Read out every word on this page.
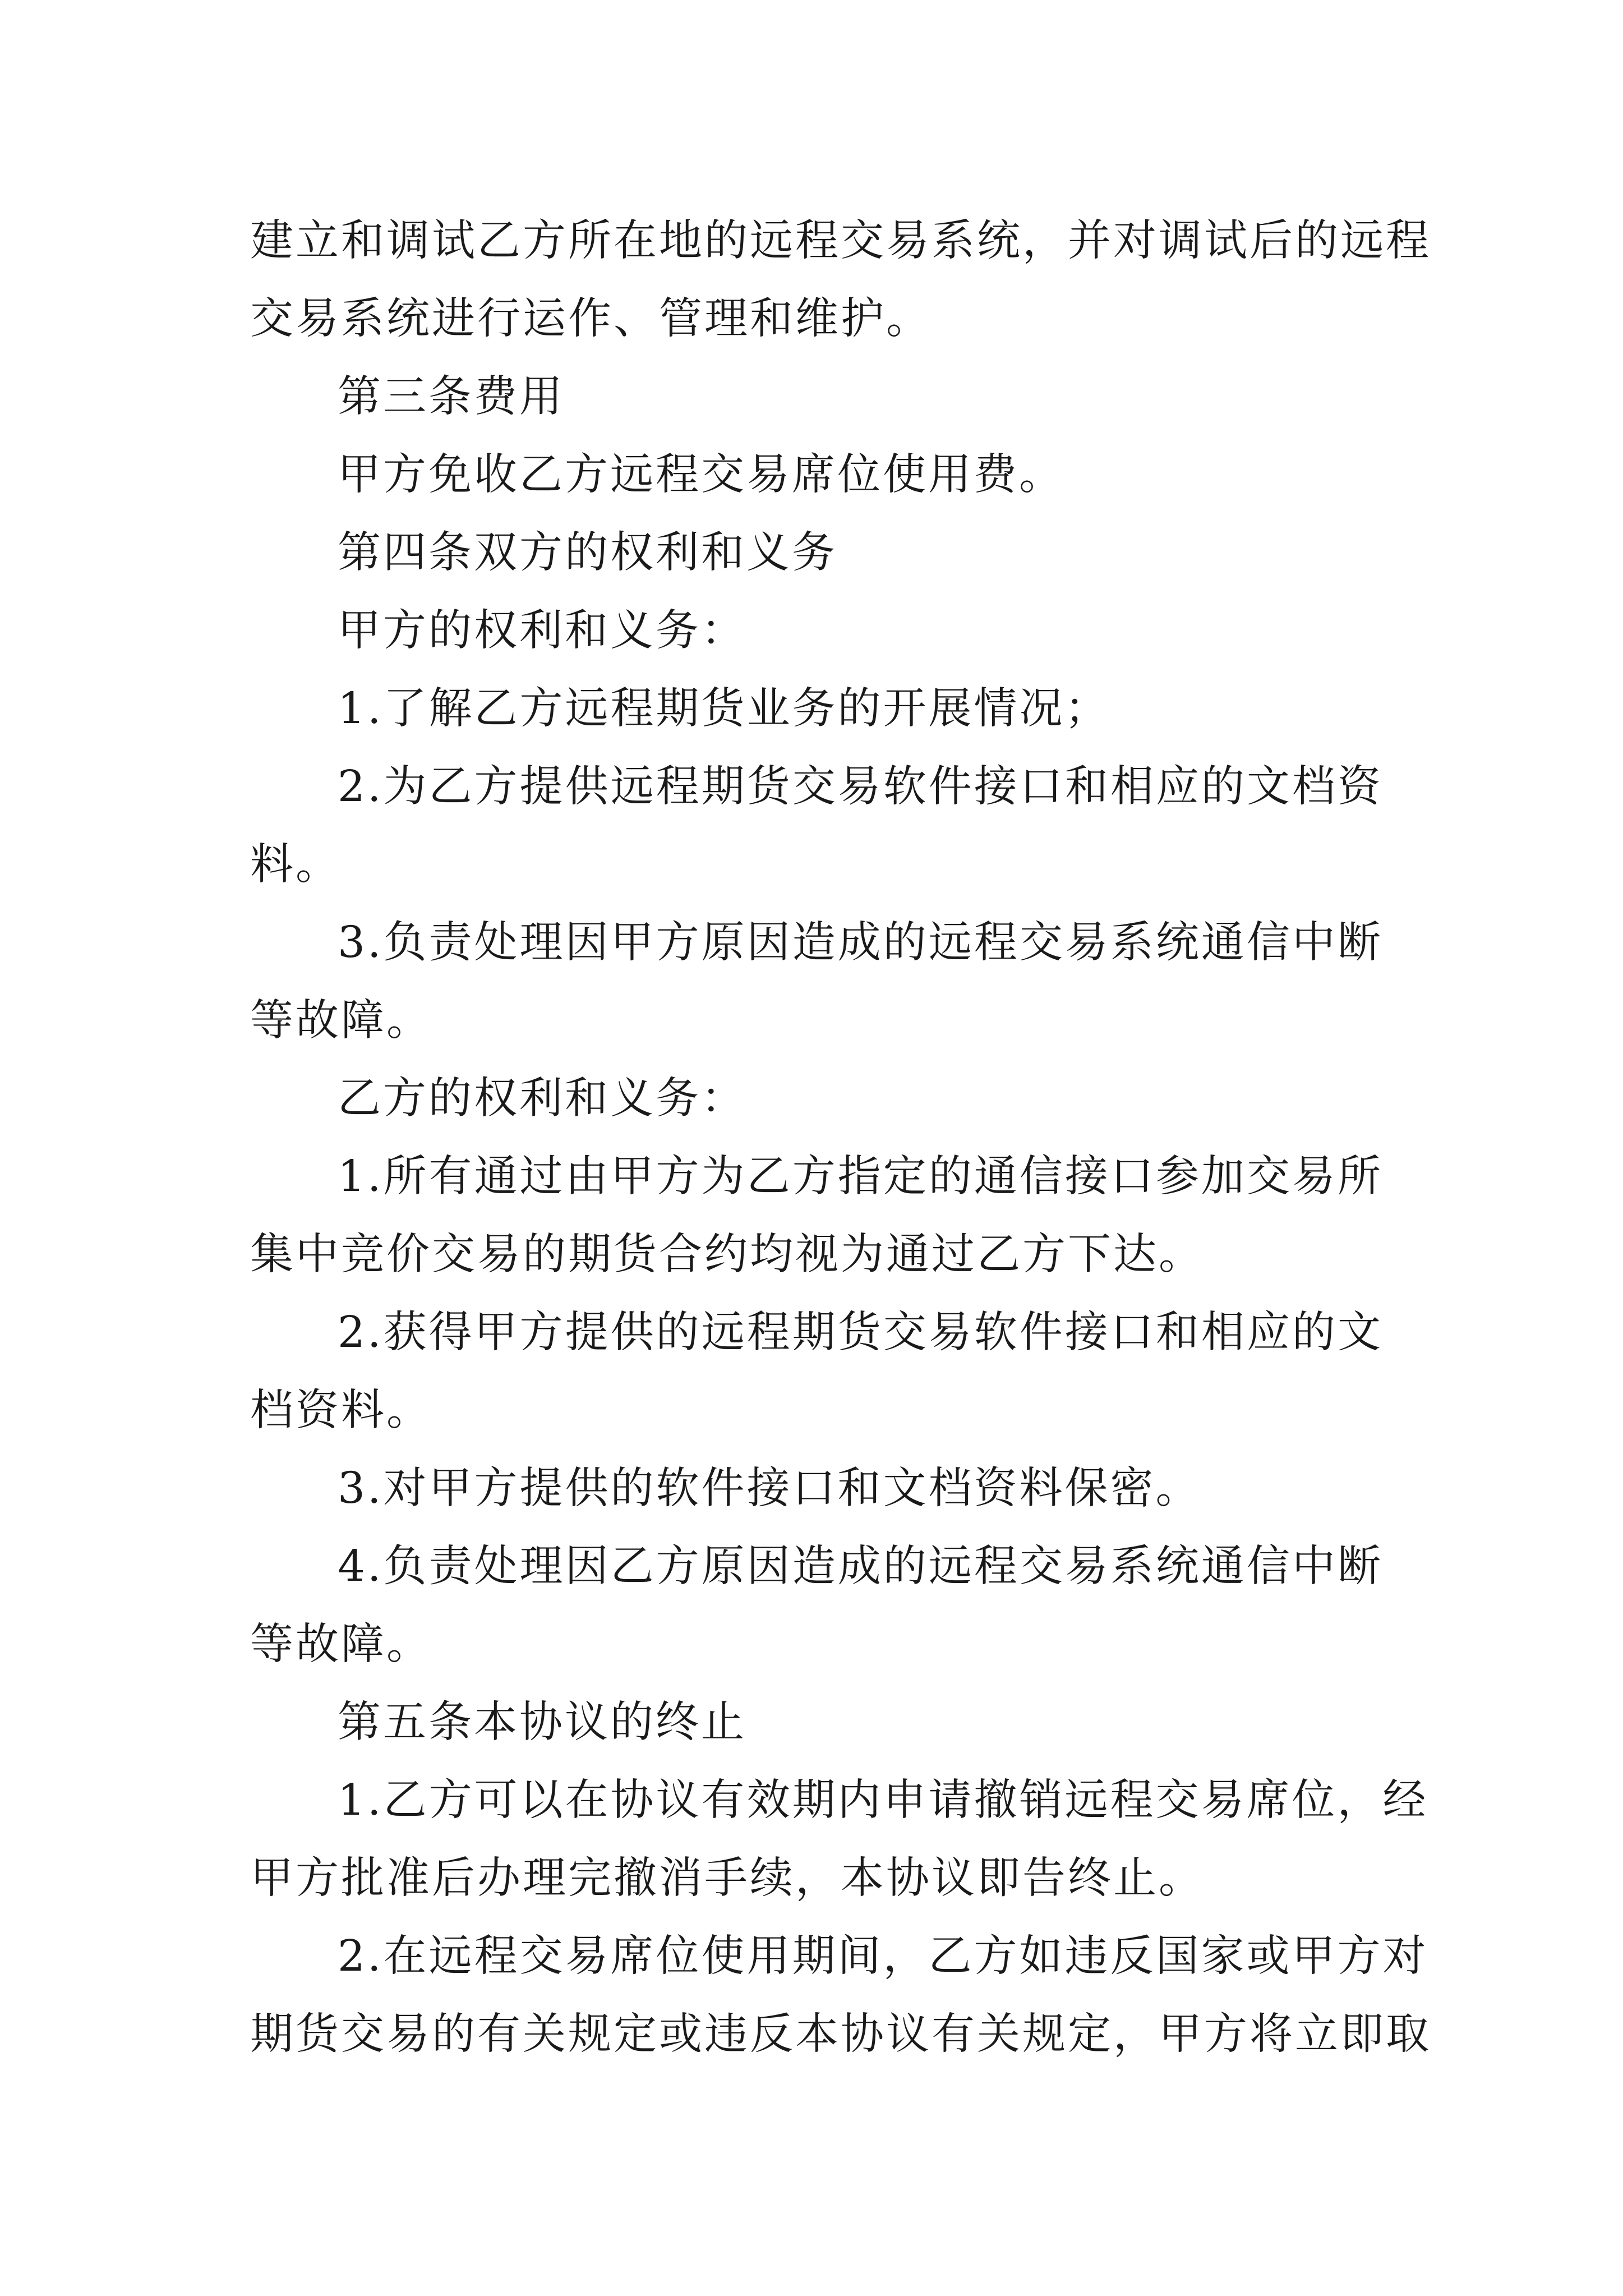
建立和调试乙方所在地的远程交易系统，并对调试后的远程
交易系统进行运作、管理和维护。
第三条费用
甲方免收乙方远程交易席位使用费。
第四条双方的权利和义务
甲方的权利和义务：
1.了解乙方远程期货业务的开展情况；
2.为乙方提供远程期货交易软件接口和相应的文档资
料。
3.负责处理因甲方原因造成的远程交易系统通信中断
等故障。
乙方的权利和义务：
1.所有通过由甲方为乙方指定的通信接口参加交易所
集中竞价交易的期货合约均视为通过乙方下达。
2.获得甲方提供的远程期货交易软件接口和相应的文
档资料。
3.对甲方提供的软件接口和文档资料保密。
4.负责处理因乙方原因造成的远程交易系统通信中断
等故障。
第五条本协议的终止
1.乙方可以在协议有效期内申请撤销远程交易席位，经
甲方批准后办理完撤消手续，本协议即告终止。
2.在远程交易席位使用期间，乙方如违反国家或甲方对
期货交易的有关规定或违反本协议有关规定，甲方将立即取
